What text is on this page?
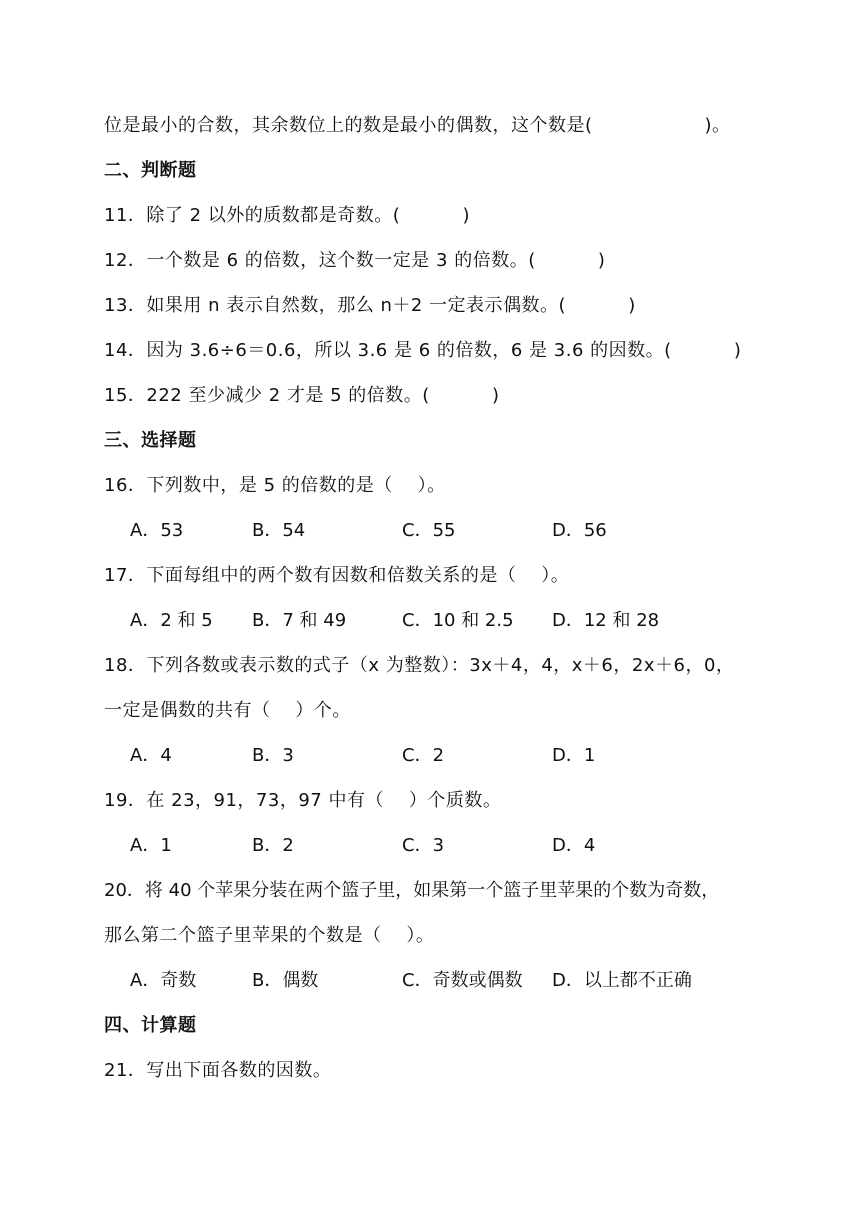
位是最小的合数，其余数位上的数是最小的偶数，这个数是(                  )。
二、判断题
11．除了 2 以外的质数都是奇数。(          )
12．一个数是 6 的倍数，这个数一定是 3 的倍数。(          )
13．如果用 n 表示自然数，那么 n＋2 一定表示偶数。(          )
14．因为 3.6÷6＝0.6，所以 3.6 是 6 的倍数，6 是 3.6 的因数。(          )
15．222 至少减少 2 才是 5 的倍数。(          )
三、选择题
16．下列数中，是 5 的倍数的是（    ）。
A．53	B．54	C．55	D．56
17．下面每组中的两个数有因数和倍数关系的是（    ）。
A．2 和 5 B．7 和 49	C．10 和 2.5 D．12 和 28
18．下列各数或表示数的式子（x 为整数）：3x＋4，4，x＋6，2x＋6，0，
一定是偶数的共有（    ）个。
A．4	B．3	C．2	D．1
19．在 23，91，73，97 中有（    ）个质数。
A．1	B．2	C．3	D．4
20．将 40 个苹果分装在两个篮子里，如果第一个篮子里苹果的个数为奇数，
那么第二个篮子里苹果的个数是（    ）。
A．奇数	B．偶数	C．奇数或偶数 D．以上都不正确
四、计算题
21．写出下面各数的因数。
